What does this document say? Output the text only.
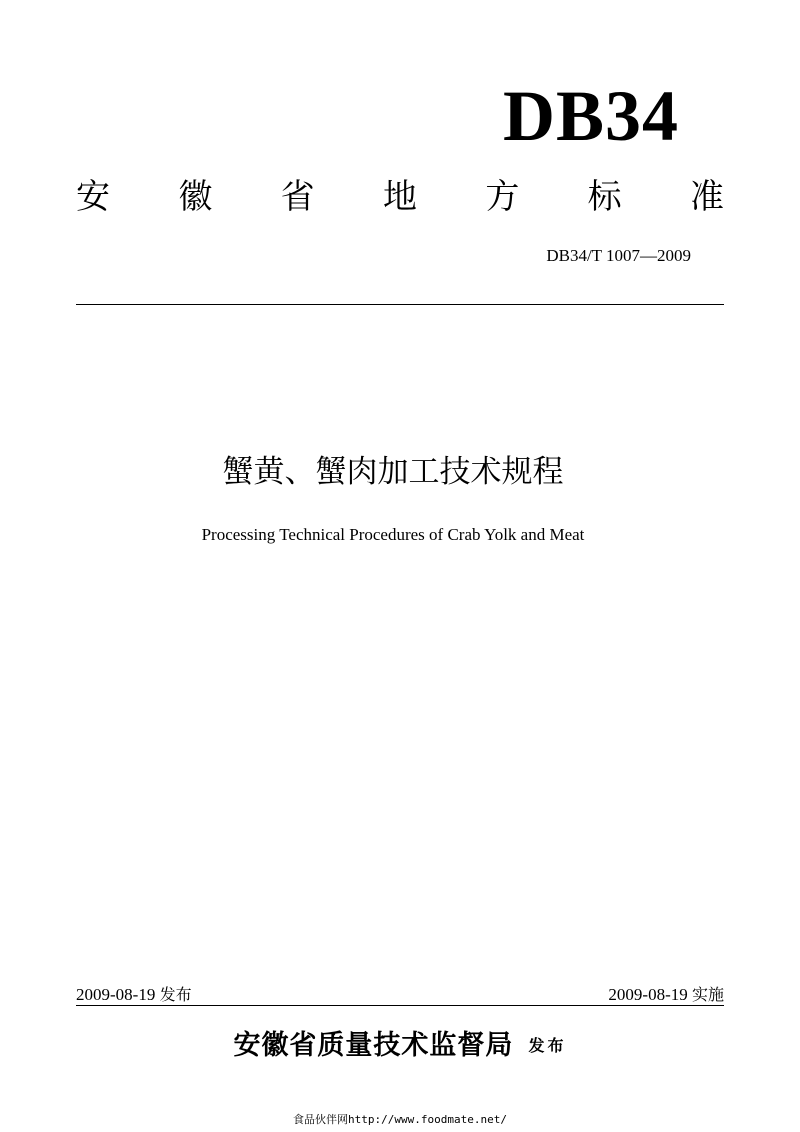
DB34
安 徽 省 地 方 标 准
DB34/T 1007—2009
蟹黄、蟹肉加工技术规程
Processing Technical Procedures of Crab Yolk and Meat
2009-08-19 发布	2009-08-19 实施
安徽省质量技术监督局 发布
食品伙伴网http://www.foodmate.net/
